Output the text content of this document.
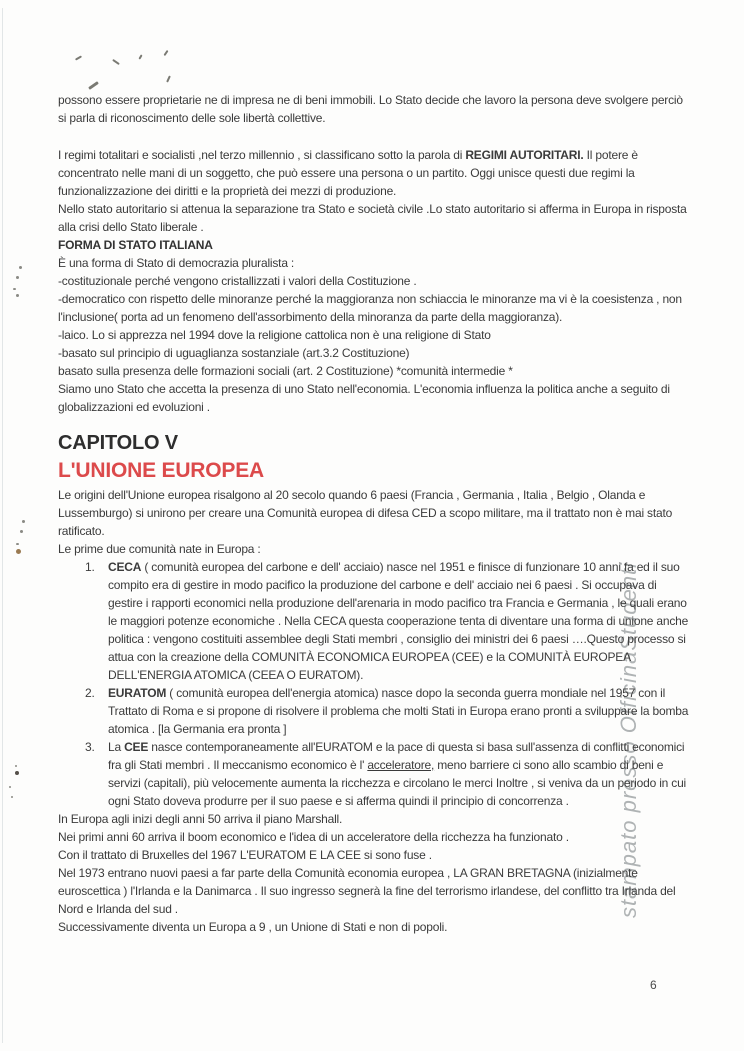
stampato presso OfficinaStudenti

possono essere proprietarie ne di impresa ne di beni immobili. Lo Stato decide che lavoro la persona deve svolgere perciò si parla di riconoscimento delle sole libertà collettive.

I regimi totalitari e socialisti ,nel terzo millennio , si classificano sotto la parola di REGIMI AUTORITARI. Il potere è concentrato nelle mani di un soggetto, che può essere una persona o un partito. Oggi unisce questi due regimi la funzionalizzazione dei diritti e la proprietà dei mezzi di produzione.

Nello stato autoritario si attenua la separazione tra Stato e società civile .Lo stato autoritario si afferma in Europa in risposta alla crisi dello Stato liberale .

FORMA DI STATO ITALIANA

È una forma di Stato di democrazia pluralista :

-costituzionale perché vengono cristallizzati i valori della Costituzione .

-democratico con rispetto delle minoranze perché la maggioranza non schiaccia le minoranze ma vi è la coesistenza , non l'inclusione( porta ad un fenomeno dell'assorbimento della minoranza da parte della maggioranza).

-laico. Lo si apprezza nel 1994 dove la religione cattolica non è una religione di Stato

-basato sul principio di uguaglianza sostanziale (art.3.2 Costituzione)

basato sulla presenza delle formazioni sociali (art. 2 Costituzione) *comunità intermedie *

Siamo uno Stato che accetta la presenza di uno Stato nell'economia. L'economia influenza la politica anche a seguito di globalizzazioni ed evoluzioni .

CAPITOLO V

L'UNIONE EUROPEA

Le origini dell'Unione europea risalgono al 20 secolo quando 6 paesi (Francia , Germania , Italia , Belgio , Olanda e Lussemburgo) si unirono per creare una Comunità europea di difesa CED a scopo militare, ma il trattato non è mai stato ratificato.

Le prime due comunità nate in Europa :

1.	CECA ( comunità europea del carbone e dell' acciaio) nasce nel 1951 e finisce di funzionare 10 anni fa ed il suo compito era di gestire in modo pacifico la produzione del carbone e dell' acciaio nei 6 paesi . Si occupava di gestire i rapporti economici nella produzione dell'arenaria in modo pacifico tra Francia e Germania , le quali erano le maggiori potenze economiche . Nella CECA questa cooperazione tenta di diventare una forma di unione anche politica : vengono costituiti assemblee degli Stati membri , consiglio dei ministri dei 6 paesi ….Questo processo si attua con la creazione della COMUNITÀ ECONOMICA EUROPEA (CEE) e la COMUNITÀ EUROPEA DELL'ENERGIA ATOMICA (CEEA O EURATOM).
2.	EURATOM ( comunità europea dell'energia atomica) nasce dopo la seconda guerra mondiale nel 1957 con il Trattato di Roma e si propone di risolvere il problema che molti Stati in Europa erano pronti a sviluppare la bomba atomica . [la Germania era pronta ]
3.	La CEE nasce contemporaneamente all'EURATOM e la pace di questa si basa sull'assenza di conflitti economici fra gli Stati membri . Il meccanismo economico è l' acceleratore, meno barriere ci sono allo scambio di beni e servizi (capitali), più velocemente aumenta la ricchezza e circolano le merci Inoltre , si veniva da un periodo in cui ogni Stato doveva produrre per il suo paese e si afferma quindi il principio di concorrenza .

In Europa agli inizi degli anni 50 arriva il piano Marshall.

Nei primi anni 60 arriva il boom economico e l'idea di un acceleratore della ricchezza ha funzionato .

Con il trattato di Bruxelles del 1967 L'EURATOM E LA CEE si sono fuse .

Nel 1973 entrano nuovi paesi a far parte della Comunità economia europea , LA GRAN BRETAGNA (inizialmente euroscettica ) l'Irlanda e la Danimarca . Il suo ingresso segnerà la fine del terrorismo irlandese, del conflitto tra Irlanda del Nord e Irlanda del sud .

Successivamente diventa un Europa a 9 , un Unione di Stati e non di popoli.

6
